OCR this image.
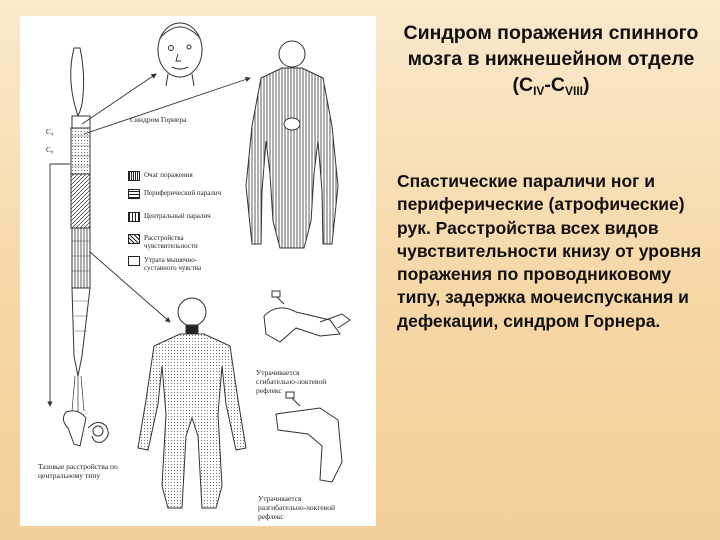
Синдром Горнера
C₄
C₈
Очаг поражения
Периферический паралич
Центральный паралич
Расстройства
чувствительности
Утрата мышечно-
суставного чувства
Тазовые расстройства по
центральному типу
Утрачивается
сгибательно-локтевой
рефлекс
Утрачивается
разгибательно-локтевой
рефлекс
Синдром поражения спинного мозга в нижнешейном отделе
$(C_{IV}-C_{VIII})$
Спастические параличи ног и периферические (атрофические) рук. Расстройства всех видов чувствительности книзу от уровня поражения по проводниковому типу, задержка мочеиспускания и дефекации, синдром Горнера.
